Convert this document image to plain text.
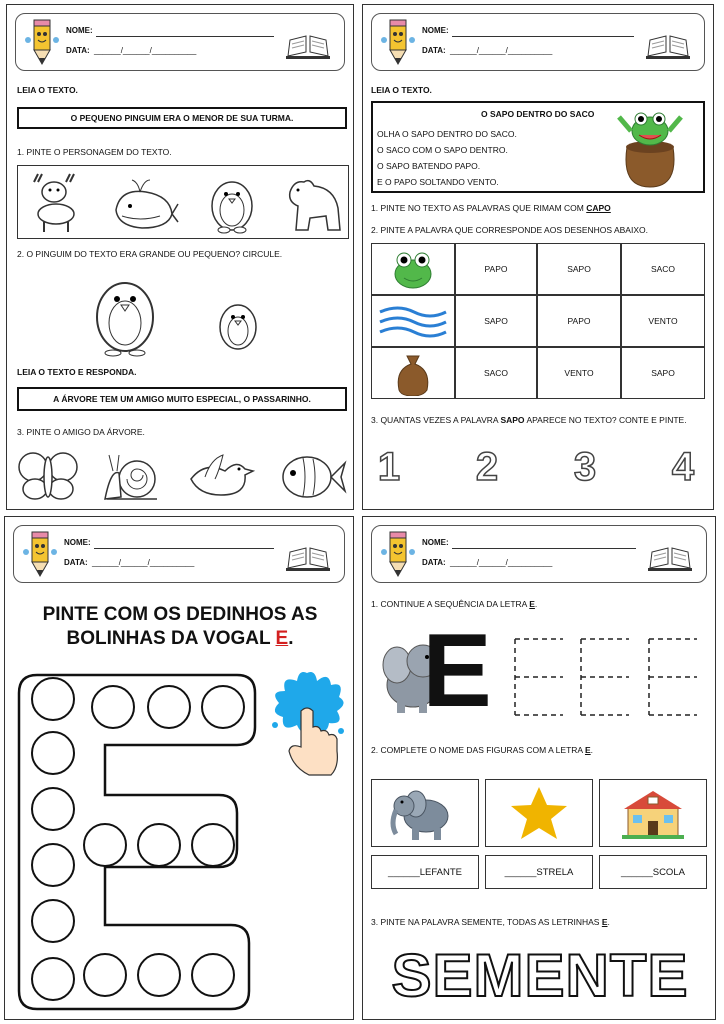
NOME:
DATA: ______/______/__________
LEIA O TEXTO.
O PEQUENO PINGUIM ERA O MENOR DE SUA TURMA.
1. PINTE O PERSONAGEM DO TEXTO.
2. O PINGUIM DO TEXTO ERA GRANDE OU PEQUENO? CIRCULE.
LEIA O TEXTO E RESPONDA.
A ÁRVORE TEM UM AMIGO MUITO ESPECIAL, O PASSARINHO.
3. PINTE O AMIGO DA ÁRVORE.
NOME:
DATA: ______/______/__________
LEIA O TEXTO.
O SAPO DENTRO DO SACO
OLHA O SAPO DENTRO DO SACO.
O SACO COM O SAPO DENTRO.
O SAPO BATENDO PAPO.
E O PAPO SOLTANDO VENTO.
1. PINTE NO TEXTO AS PALAVRAS QUE RIMAM COM CAPO
2. PINTE A PALAVRA QUE CORRESPONDE AOS DESENHOS ABAIXO.
PAPO	SAPO	SACO
SAPO	PAPO	VENTO
SACO	VENTO	SAPO
3. QUANTAS VEZES A PALAVRA SAPO APARECE NO TEXTO? CONTE E PINTE.
1 2 3 4
NOME:
DATA: ______/______/__________
PINTE COM OS DEDINHOS AS
BOLINHAS DA VOGAL E.
NOME:
DATA: ______/______/__________
1. CONTINUE A SEQUÊNCIA DA LETRA E.
E
2. COMPLETE O NOME DAS FIGURAS COM A LETRA E.
______LEFANTE	______STRELA	______SCOLA
3. PINTE NA PALAVRA SEMENTE, TODAS AS LETRINHAS E.
SEMENTE
